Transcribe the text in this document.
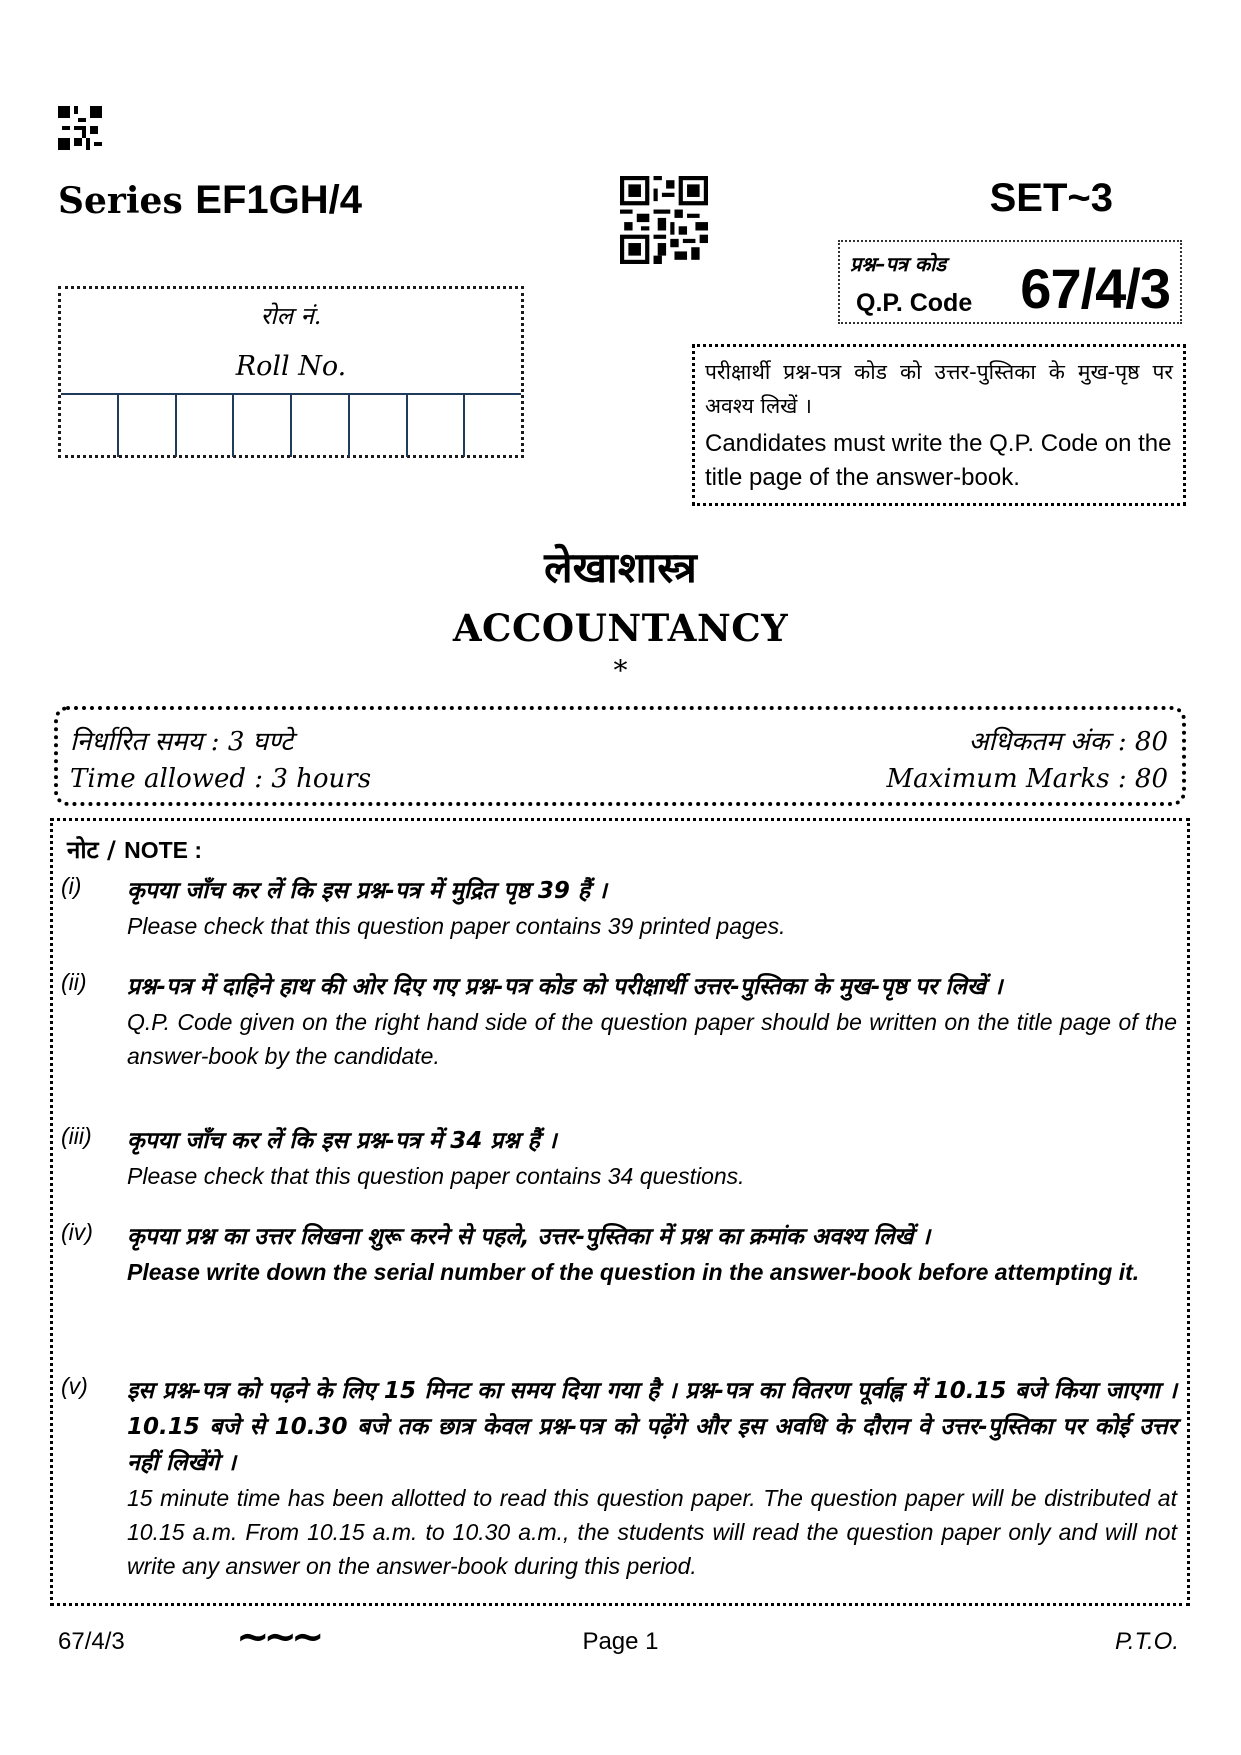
Series EF1GH/4	SET~3
प्रश्न–पत्र कोड
Q.P. Code 67/4/3
रोल नं.
Roll No.	परीक्षार्थी प्रश्न-पत्र कोड को उत्तर-पुस्तिका के मुख-पृष्ठ पर अवश्य लिखें ।
Candidates must write the Q.P. Code on the title page of the answer-book.
लेखाशास्त्र
ACCOUNTANCY
*
निर्धारित समय : 3 घण्टे
Time allowed : 3 hours
अधिकतम अंक : 80
Maximum Marks : 80
नोट / NOTE :
(i) कृपया जाँच कर लें कि इस प्रश्न-पत्र में मुद्रित पृष्ठ 39 हैं ।
Please check that this question paper contains 39 printed pages.
(ii) प्रश्न-पत्र में दाहिने हाथ की ओर दिए गए प्रश्न-पत्र कोड को परीक्षार्थी उत्तर-पुस्तिका के मुख-पृष्ठ पर लिखें ।
Q.P. Code given on the right hand side of the question paper should be written on the title page of the answer-book by the candidate.
(iii) कृपया जाँच कर लें कि इस प्रश्न-पत्र में 34 प्रश्न हैं ।
Please check that this question paper contains 34 questions.
(iv) कृपया प्रश्न का उत्तर लिखना शुरू करने से पहले, उत्तर-पुस्तिका में प्रश्न का क्रमांक अवश्य लिखें ।
Please write down the serial number of the question in the answer-book before attempting it.
(v) इस प्रश्न-पत्र को पढ़ने के लिए 15 मिनट का समय दिया गया है । प्रश्न-पत्र का वितरण पूर्वाह्न में 10.15 बजे किया जाएगा । 10.15 बजे से 10.30 बजे तक छात्र केवल प्रश्न-पत्र को पढ़ेंगे और इस अवधि के दौरान वे उत्तर-पुस्तिका पर कोई उत्तर नहीं लिखेंगे ।
15 minute time has been allotted to read this question paper. The question paper will be distributed at 10.15 a.m. From 10.15 a.m. to 10.30 a.m., the students will read the question paper only and will not write any answer on the answer-book during this period.
67/4/3	~~~	Page 1	P.T.O.
